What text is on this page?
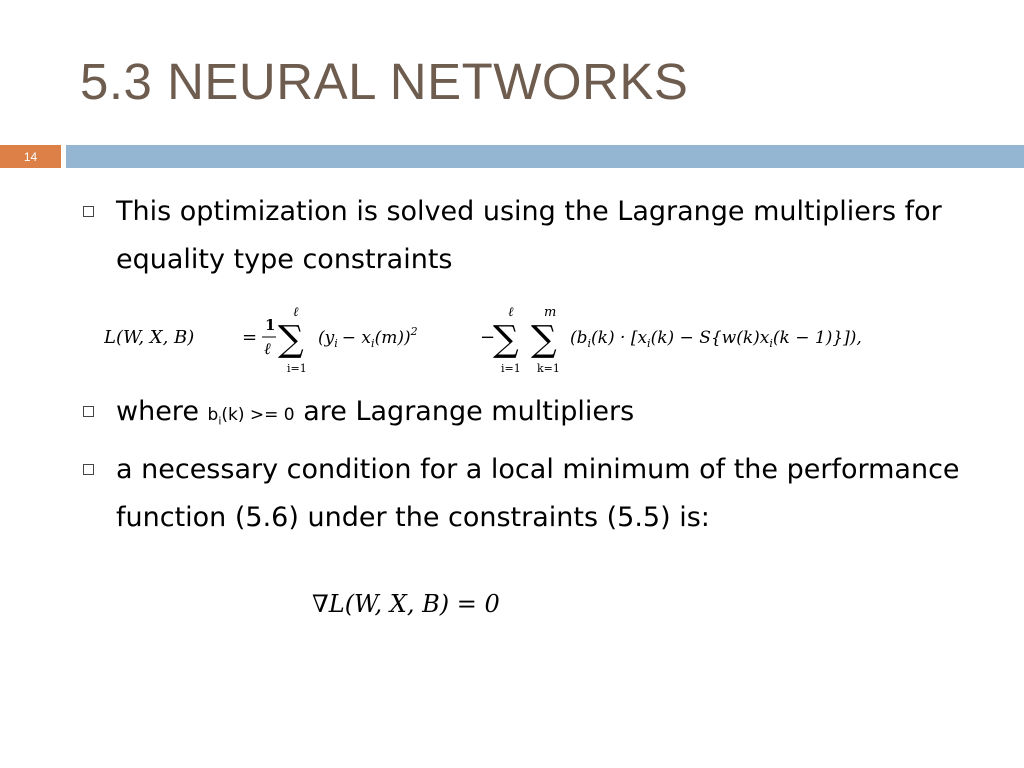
5.3 NEURAL NETWORKS
14
This optimization is solved using the Lagrange multipliers for equality type constraints
L(W, X, B)	=
1
ℓ
ℓ
∑
i=1
$(y_i - x_i(m))^2$	−
ℓ
∑
i=1
m
∑
k=1
$(b_i(k) \cdot [x_i(k) - S\{w(k)x_i(k - 1)\}])$,
where $b_i(k) >= 0$ are Lagrange multipliers
a necessary condition for a local minimum of the performance function (5.6) under the constraints (5.5) is:
∇L(W, X, B) = 0
